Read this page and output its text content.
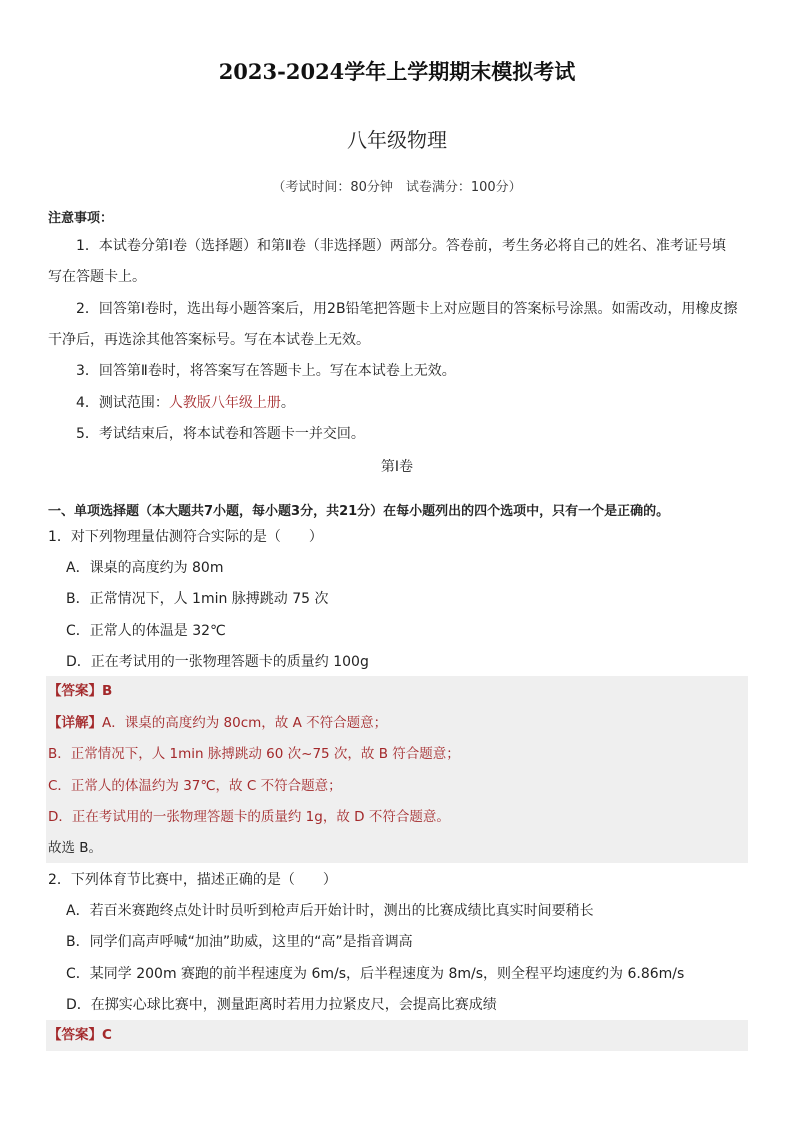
2023-2024学年上学期期末模拟考试
八年级物理
（考试时间：80分钟　试卷满分：100分）
注意事项：
1．本试卷分第Ⅰ卷（选择题）和第Ⅱ卷（非选择题）两部分。答卷前，考生务必将自己的姓名、准考证号填
写在答题卡上。
2．回答第Ⅰ卷时，选出每小题答案后，用2B铅笔把答题卡上对应题目的答案标号涂黑。如需改动，用橡皮擦
干净后，再选涂其他答案标号。写在本试卷上无效。
3．回答第Ⅱ卷时，将答案写在答题卡上。写在本试卷上无效。
4．测试范围：人教版八年级上册。
5．考试结束后，将本试卷和答题卡一并交回。
第Ⅰ卷
一、单项选择题（本大题共7小题，每小题3分，共21分）在每小题列出的四个选项中，只有一个是正确的。
1．对下列物理量估测符合实际的是（　　）
A．课桌的高度约为 80m
B．正常情况下，人 1min 脉搏跳动 75 次
C．正常人的体温是 32℃
D．正在考试用的一张物理答题卡的质量约 100g
【答案】B
【详解】A．课桌的高度约为 80cm，故 A 不符合题意；
B．正常情况下，人 1min 脉搏跳动 60 次~75 次，故 B 符合题意；
C．正常人的体温约为 37℃，故 C 不符合题意；
D．正在考试用的一张物理答题卡的质量约 1g，故 D 不符合题意。
故选 B。
2．下列体育节比赛中，描述正确的是（　　）
A．若百米赛跑终点处计时员听到枪声后开始计时，测出的比赛成绩比真实时间要稍长
B．同学们高声呼喊“加油”助威，这里的“高”是指音调高
C．某同学 200m 赛跑的前半程速度为 6m/s，后半程速度为 8m/s，则全程平均速度约为 6.86m/s
D．在掷实心球比赛中，测量距离时若用力拉紧皮尺，会提高比赛成绩
【答案】C
